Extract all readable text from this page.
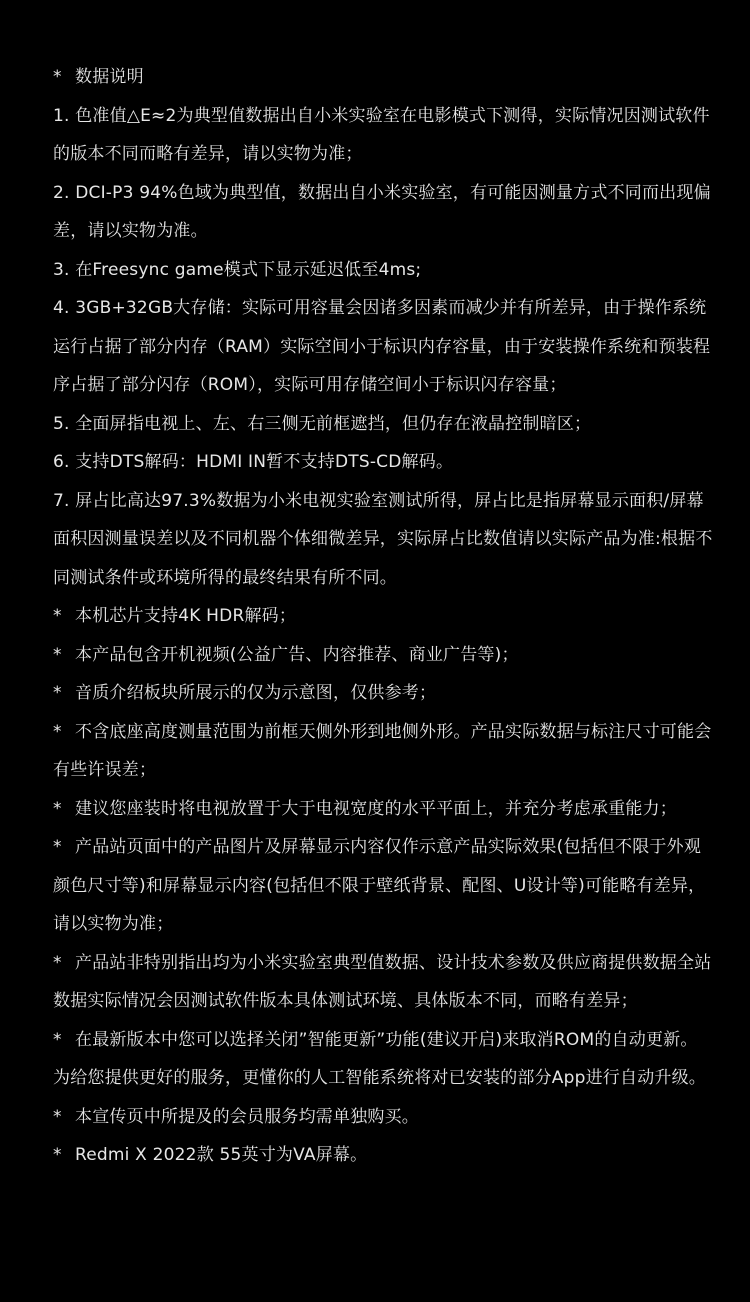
* 数据说明

1. 色准值△E≈2为典型值数据出自小米实验室在电影模式下测得，实际情况因测试软件的版本不同而略有差异，请以实物为准；

2. DCI-P3 94%色域为典型值，数据出自小米实验室，有可能因测量方式不同而出现偏差，请以实物为准。

3. 在Freesync game模式下显示延迟低至4ms;

4. 3GB+32GB大存储：实际可用容量会因诸多因素而减少并有所差异，由于操作系统运行占据了部分内存（RAM）实际空间小于标识内存容量，由于安装操作系统和预装程序占据了部分闪存（ROM），实际可用存储空间小于标识闪存容量；

5. 全面屏指电视上、左、右三侧无前框遮挡，但仍存在液晶控制暗区；

6. 支持DTS解码：HDMI IN暂不支持DTS-CD解码。

7. 屏占比高达97.3%数据为小米电视实验室测试所得，屏占比是指屏幕显示面积/屏幕面积因测量误差以及不同机器个体细微差异，实际屏占比数值请以实际产品为准:根据不同测试条件或环境所得的最终结果有所不同。

* 本机芯片支持4K HDR解码；

* 本产品包含开机视频(公益广告、内容推荐、商业广告等)；

* 音质介绍板块所展示的仅为示意图，仅供参考；

* 不含底座高度测量范围为前框天侧外形到地侧外形。产品实际数据与标注尺寸可能会有些许误差；

* 建议您座装时将电视放置于大于电视宽度的水平平面上，并充分考虑承重能力；

* 产品站页面中的产品图片及屏幕显示内容仅作示意产品实际效果(包括但不限于外观颜色尺寸等)和屏幕显示内容(包括但不限于壁纸背景、配图、U设计等)可能略有差异，请以实物为准；

* 产品站非特别指出均为小米实验室典型值数据、设计技术参数及供应商提供数据全站数据实际情况会因测试软件版本具体测试环境、具体版本不同，而略有差异；

* 在最新版本中您可以选择关闭”智能更新”功能(建议开启)来取消ROM的自动更新。为给您提供更好的服务，更懂你的人工智能系统将对已安装的部分App进行自动升级。

* 本宣传页中所提及的会员服务均需单独购买。

* Redmi X 2022款 55英寸为VA屏幕。
